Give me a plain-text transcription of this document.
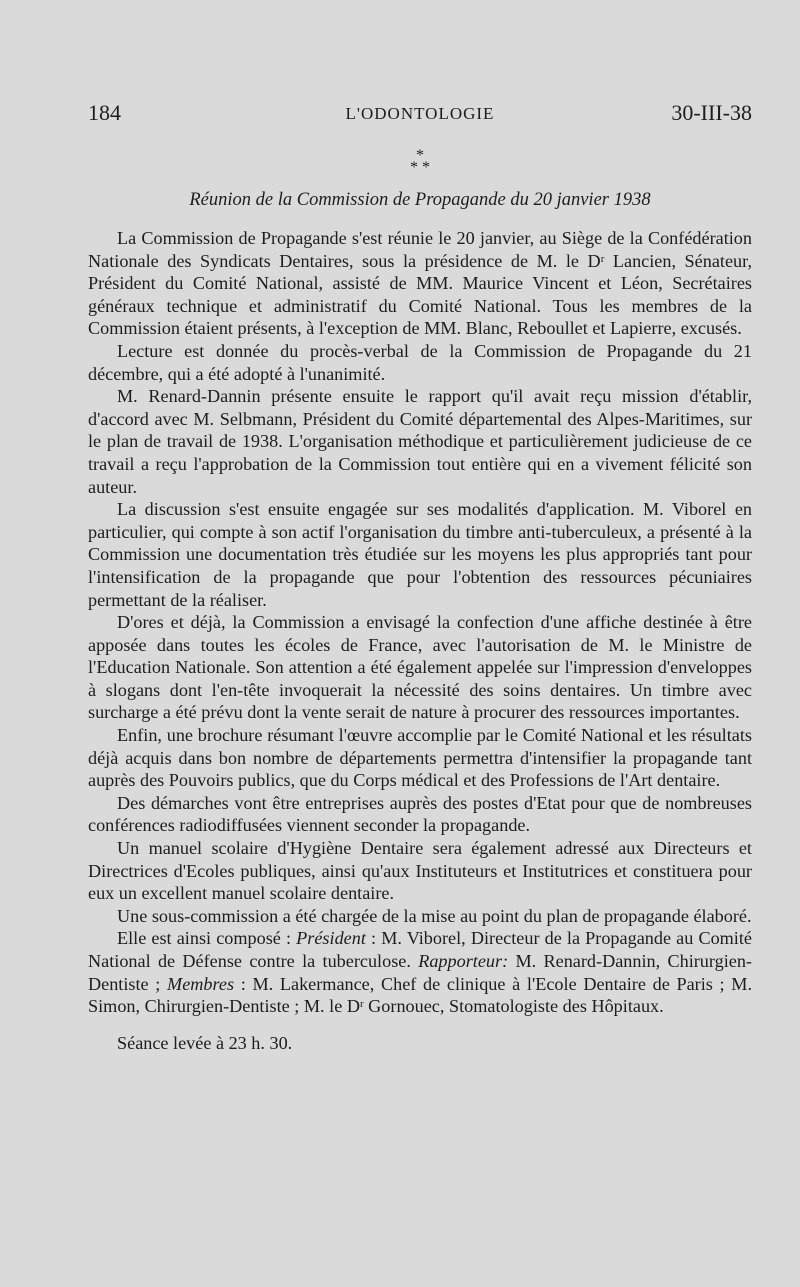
184	L'ODONTOLOGIE	30-III-38
*
* *
Réunion de la Commission de Propagande du 20 janvier 1938

La Commission de Propagande s'est réunie le 20 janvier, au Siège de la Confédération Nationale des Syndicats Dentaires, sous la présidence de M. le $D^r$ Lancien, Sénateur, Président du Comité National, assisté de MM. Maurice Vincent et Léon, Secrétaires généraux technique et administratif du Comité National. Tous les membres de la Commission étaient présents, à l'exception de MM. Blanc, Reboullet et Lapierre, excusés.

Lecture est donnée du procès-verbal de la Commission de Propagande du 21 décembre, qui a été adopté à l'unanimité.

M. Renard-Dannin présente ensuite le rapport qu'il avait reçu mission d'établir, d'accord avec M. Selbmann, Président du Comité départemental des Alpes-Maritimes, sur le plan de travail de 1938. L'organisation méthodique et particulièrement judicieuse de ce travail a reçu l'approbation de la Commission tout entière qui en a vivement félicité son auteur.

La discussion s'est ensuite engagée sur ses modalités d'application. M. Viborel en particulier, qui compte à son actif l'organisation du timbre anti-tuberculeux, a présenté à la Commission une documentation très étudiée sur les moyens les plus appropriés tant pour l'intensification de la propagande que pour l'obtention des ressources pécuniaires permettant de la réaliser.

D'ores et déjà, la Commission a envisagé la confection d'une affiche destinée à être apposée dans toutes les écoles de France, avec l'autorisation de M. le Ministre de l'Education Nationale. Son attention a été également appelée sur l'impression d'enveloppes à slogans dont l'en-tête invoquerait la nécessité des soins dentaires. Un timbre avec surcharge a été prévu dont la vente serait de nature à procurer des ressources importantes.

Enfin, une brochure résumant l'œuvre accomplie par le Comité National et les résultats déjà acquis dans bon nombre de départements permettra d'intensifier la propagande tant auprès des Pouvoirs publics, que du Corps médical et des Professions de l'Art dentaire.

Des démarches vont être entreprises auprès des postes d'Etat pour que de nombreuses conférences radiodiffusées viennent seconder la propagande.

Un manuel scolaire d'Hygiène Dentaire sera également adressé aux Directeurs et Directrices d'Ecoles publiques, ainsi qu'aux Instituteurs et Institutrices et constituera pour eux un excellent manuel scolaire dentaire.

Une sous-commission a été chargée de la mise au point du plan de propagande élaboré.

Elle est ainsi composé : Président : M. Viborel, Directeur de la Propagande au Comité National de Défense contre la tuberculose. Rapporteur: M. Renard-Dannin, Chirurgien-Dentiste ; Membres : M. Lakermance, Chef de clinique à l'Ecole Dentaire de Paris ; M. Simon, Chirurgien-Dentiste ; M. le $D^r$ Gornouec, Stomatologiste des Hôpitaux.

Séance levée à 23 h. 30.
